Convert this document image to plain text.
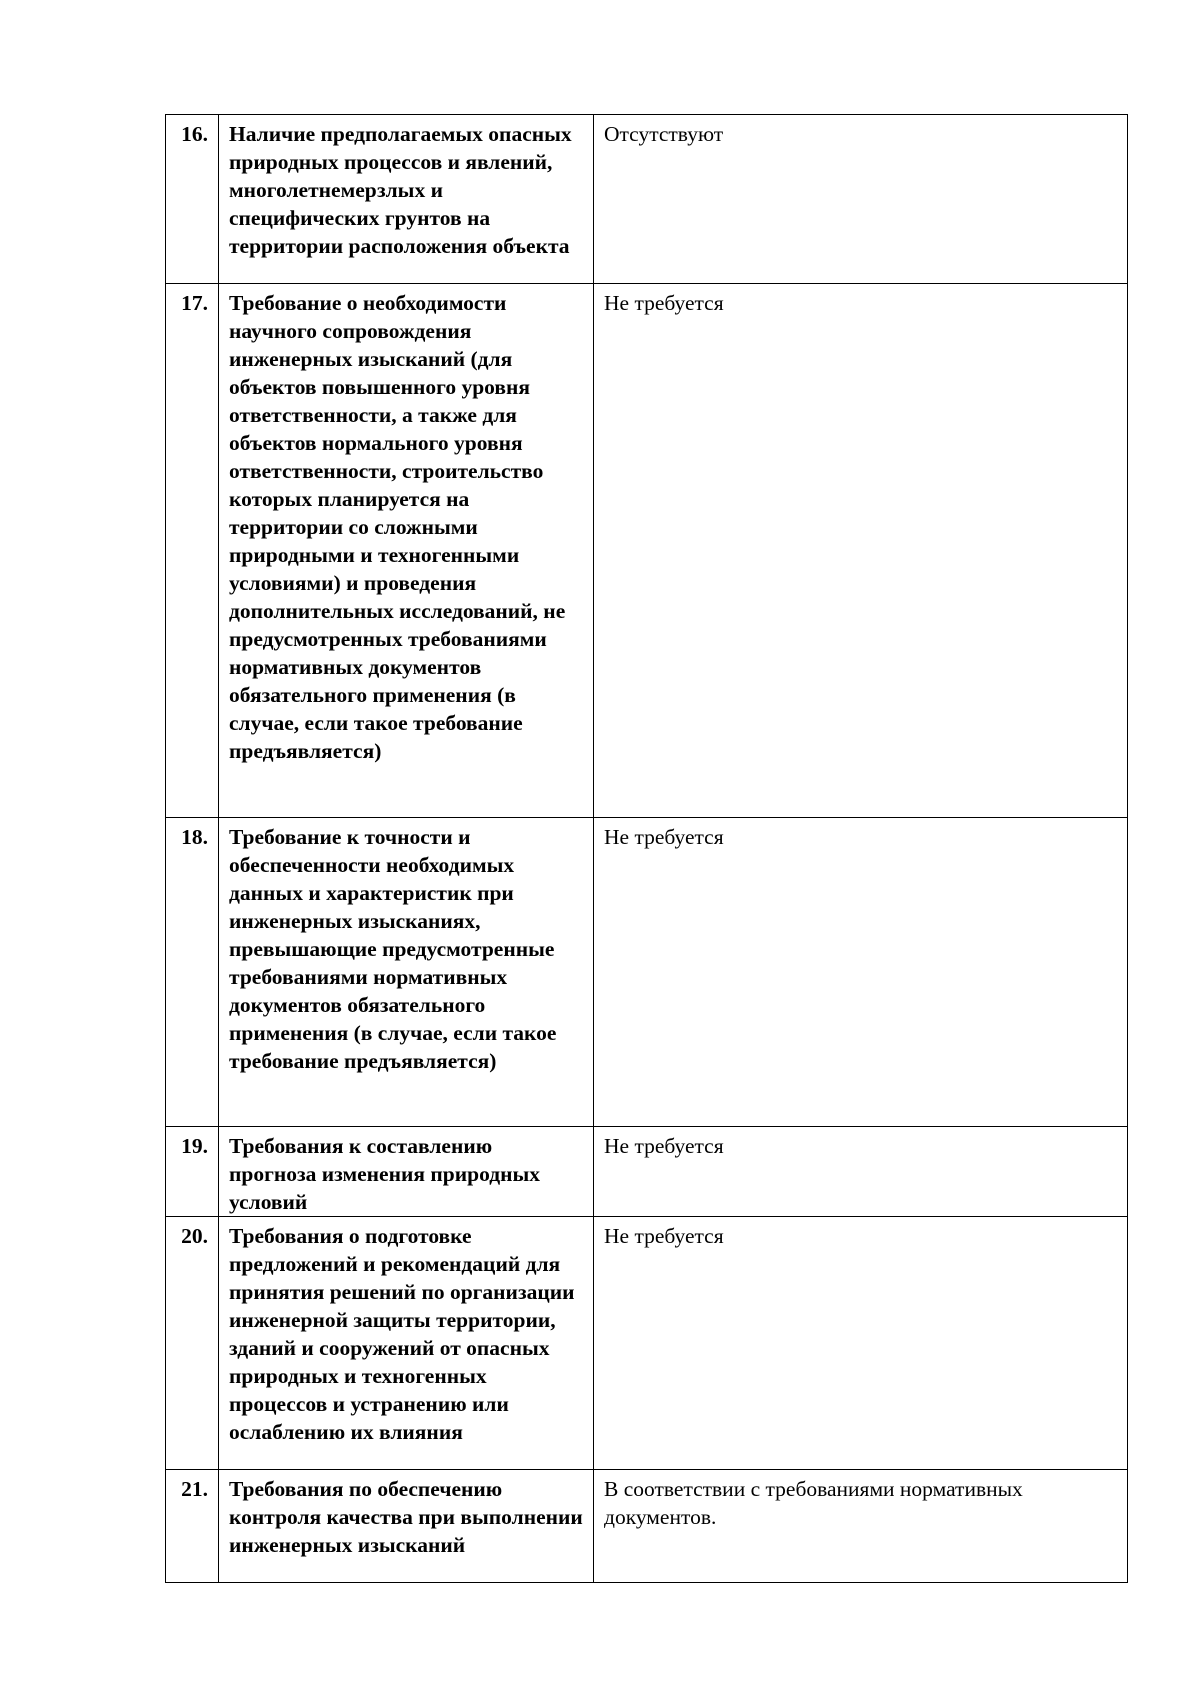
16.	Наличие предполагаемых опасных природных процессов и явлений, многолетнемерзлых и специфических грунтов на территории расположения объекта	Отсутствуют
17.	Требование о необходимости научного сопровождения инженерных изысканий (для объектов повышенного уровня ответственности, а также для объектов нормального уровня ответственности, строительство которых планируется на территории со сложными природными и техногенными условиями) и проведения дополнительных исследований, не предусмотренных требованиями нормативных документов обязательного применения (в случае, если такое требование предъявляется)	Не требуется
18.	Требование к точности и обеспеченности необходимых данных и характеристик при инженерных изысканиях, превышающие предусмотренные требованиями нормативных документов обязательного применения (в случае, если такое требование предъявляется)	Не требуется
19.	Требования к составлению прогноза изменения природных условий	Не требуется
20.	Требования о подготовке предложений и рекомендаций для принятия решений по организации инженерной защиты территории, зданий и сооружений от опасных природных и техногенных процессов и устранению или ослаблению их влияния	Не требуется
21.	Требования по обеспечению контроля качества при выполнении инженерных изысканий	В соответствии с требованиями нормативных документов.
